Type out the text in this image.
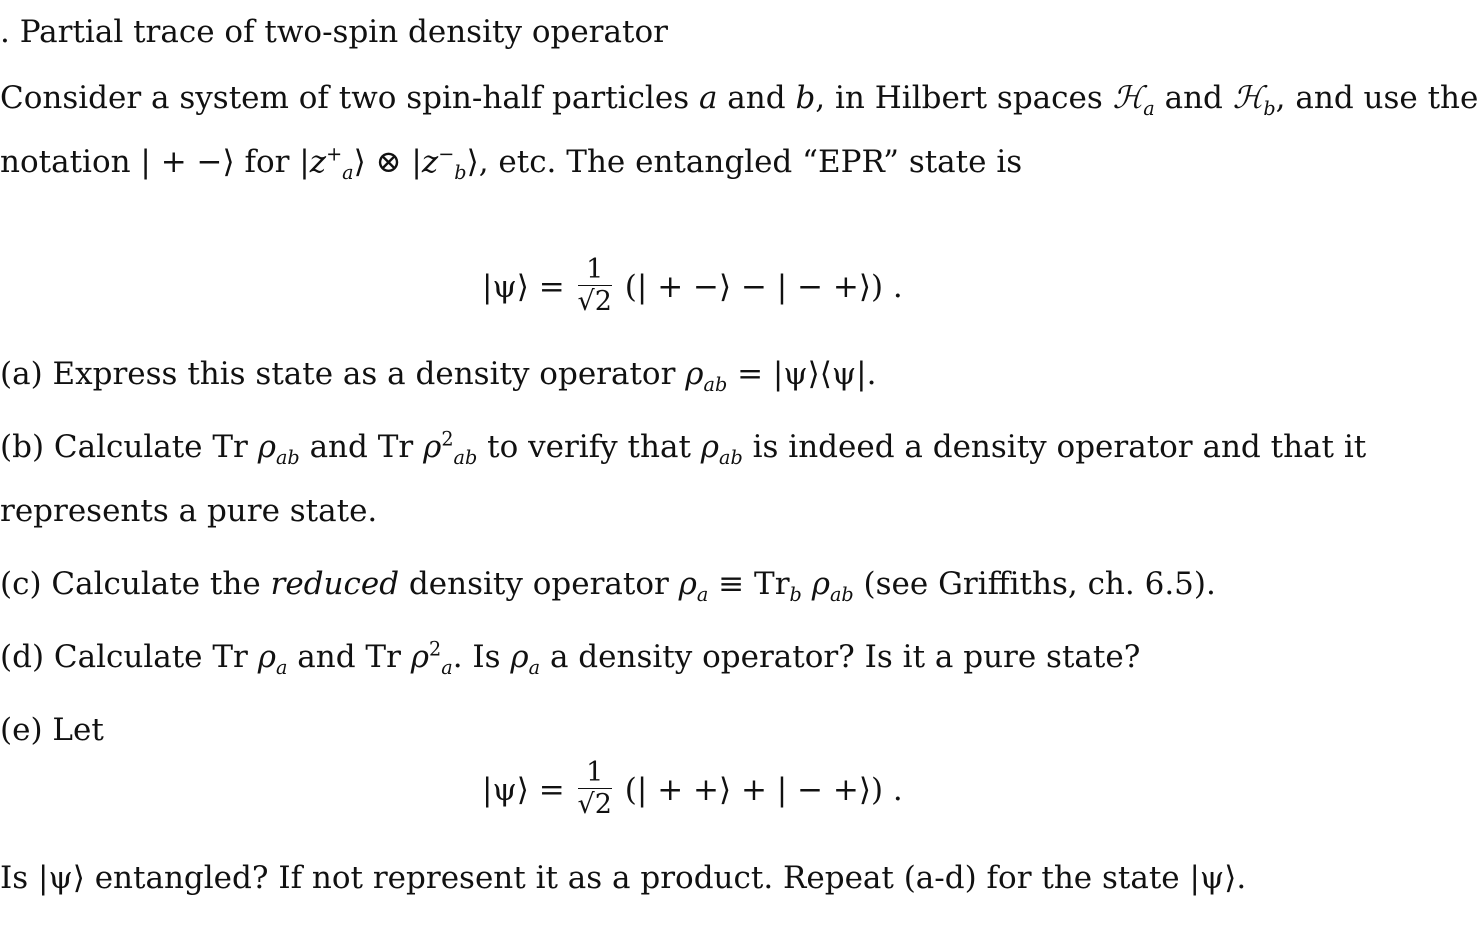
. Partial trace of two-spin density operator
Consider a system of two spin-half particles a and b, in Hilbert spaces ℋ$_a$ and ℋ$_b$, and use the
notation | + −⟩ for $|z^+_a⟩$ ⊗ $|z^-_b⟩$, etc. The entangled “EPR” state is
|ψ⟩ = $\frac{1}{√2}$ (| + −⟩ − | − +⟩) .
(a) Express this state as a density operator $\rho_{ab}$ = |ψ⟩⟨ψ|.
(b) Calculate Tr $\rho_{ab}$ and Tr $\rho^2_{ab}$ to verify that $\rho_{ab}$ is indeed a density operator and that it
represents a pure state.
(c) Calculate the reduced density operator $\rho_a \equiv Tr_b$ $\rho_{ab}$ (see Griffiths, ch. 6.5).
(d) Calculate Tr $\rho_a$ and Tr $\rho^2_a$. Is $\rho_a$ a density operator? Is it a pure state?
(e) Let
|ψ⟩ = $\frac{1}{√2}$ (| + +⟩ + | − +⟩) .
Is |ψ⟩ entangled? If not represent it as a product. Repeat (a-d) for the state |ψ⟩.
